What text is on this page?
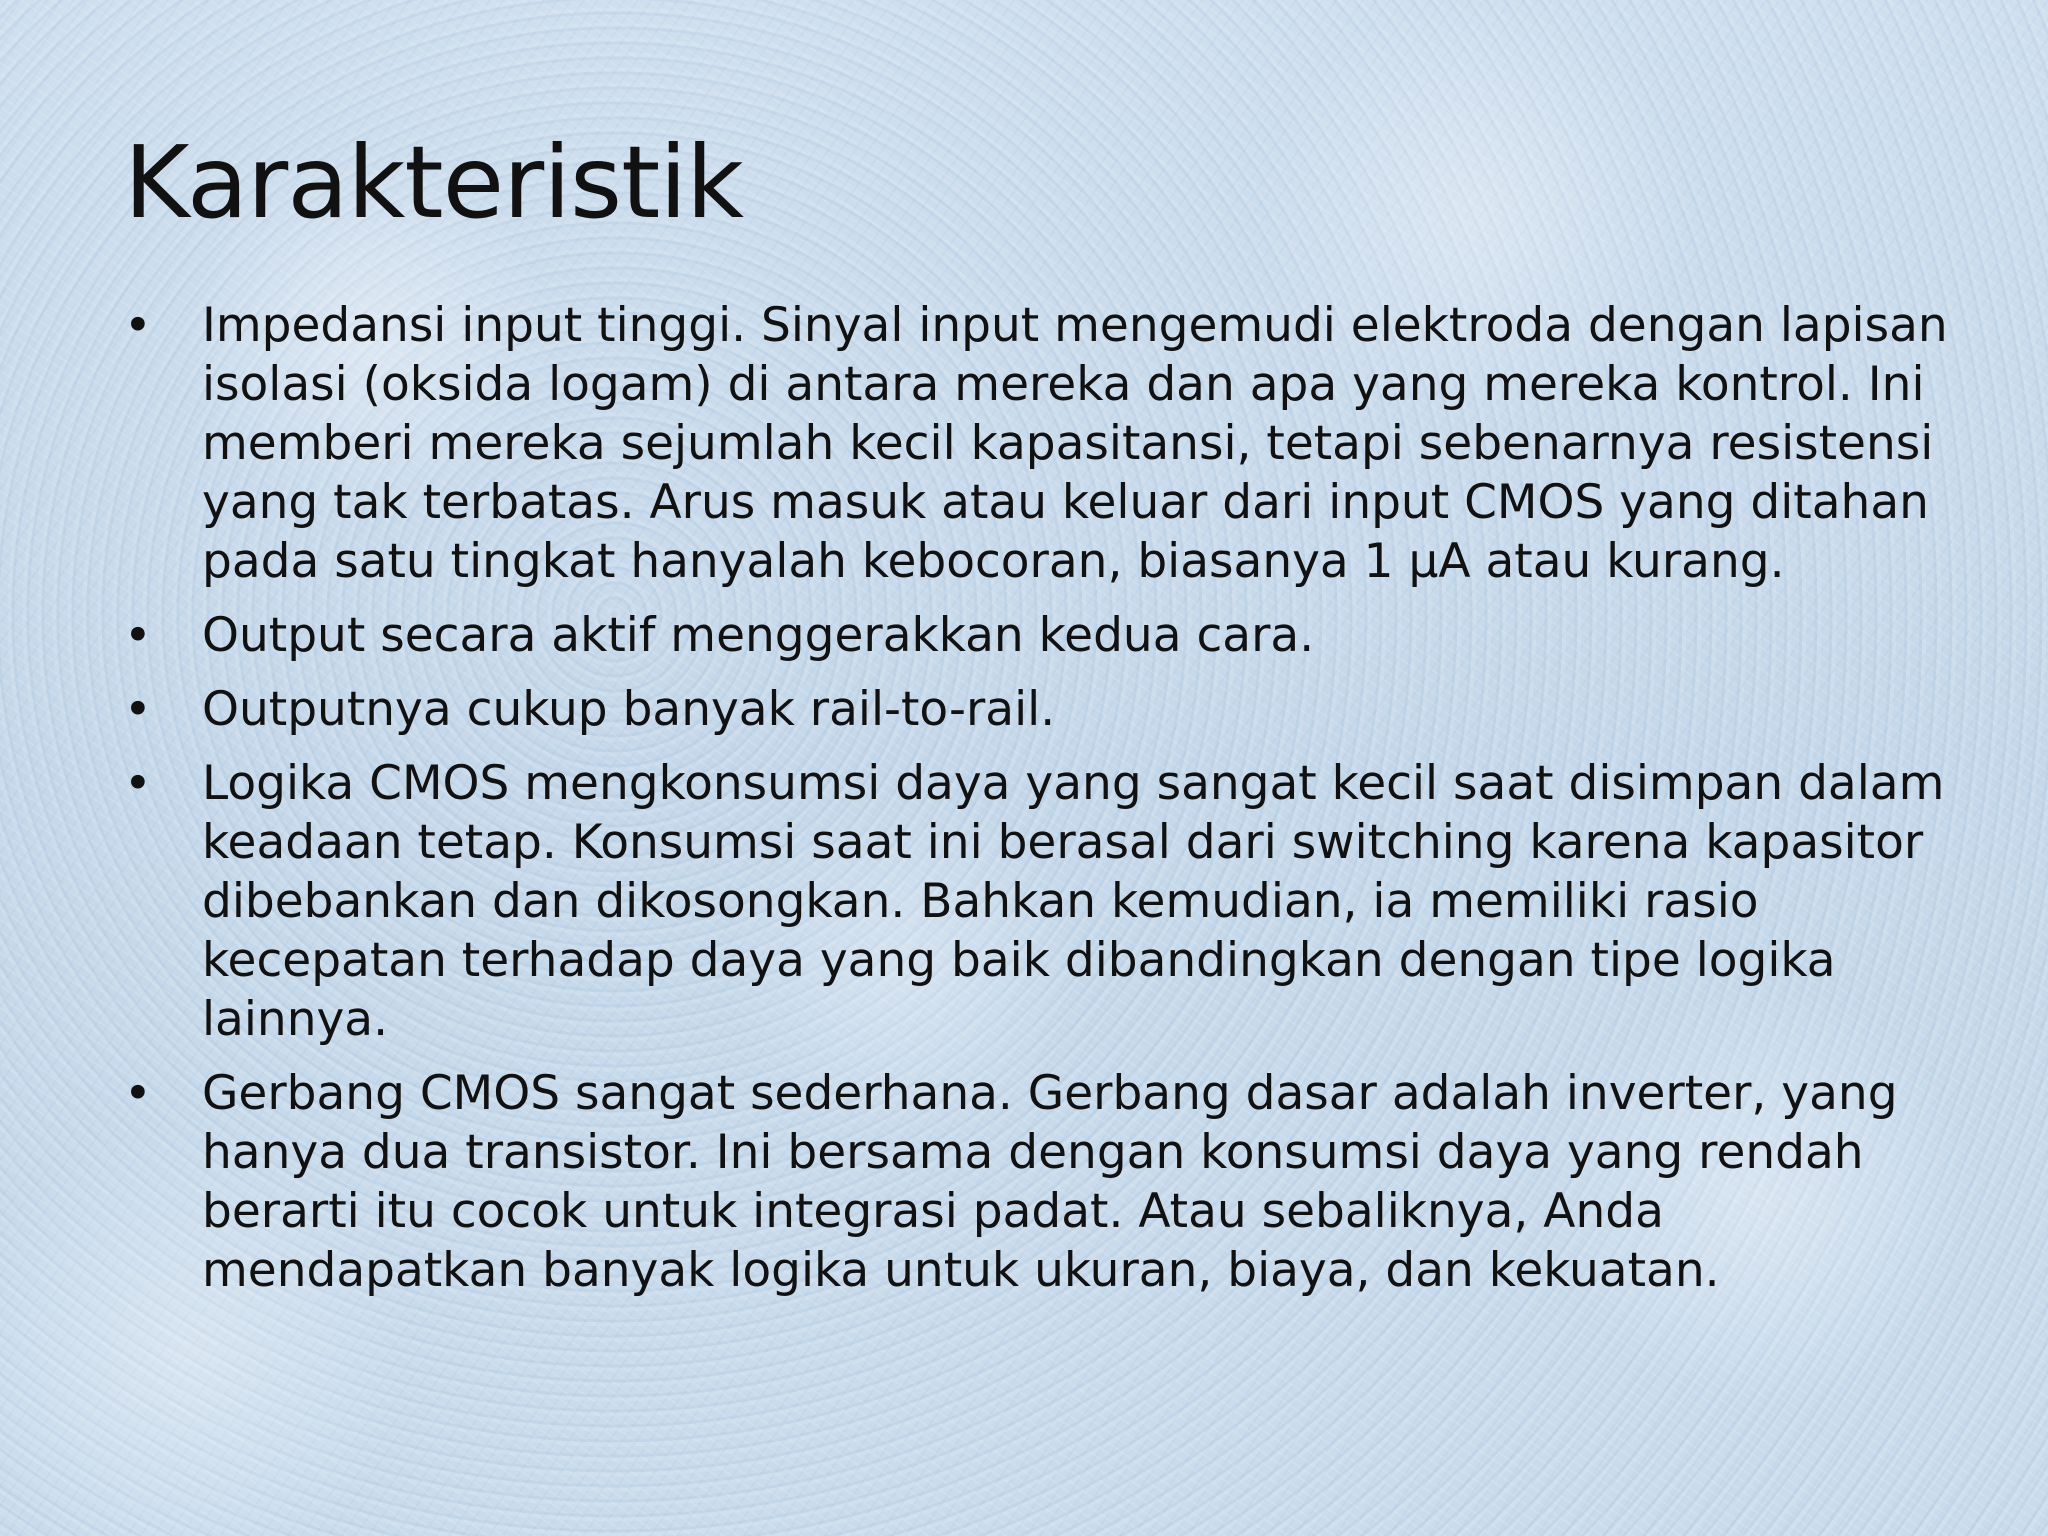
Karakteristik
• Impedansi input tinggi. Sinyal input mengemudi elektroda dengan lapisan isolasi (oksida logam) di antara mereka dan apa yang mereka kontrol. Ini memberi mereka sejumlah kecil kapasitansi, tetapi sebenarnya resistensi yang tak terbatas. Arus masuk atau keluar dari input CMOS yang ditahan pada satu tingkat hanyalah kebocoran, biasanya 1 μA atau kurang.
• Output secara aktif menggerakkan kedua cara.
• Outputnya cukup banyak rail-to-rail.
• Logika CMOS mengkonsumsi daya yang sangat kecil saat disimpan dalam keadaan tetap. Konsumsi saat ini berasal dari switching karena kapasitor dibebankan dan dikosongkan. Bahkan kemudian, ia memiliki rasio kecepatan terhadap daya yang baik dibandingkan dengan tipe logika lainnya.
• Gerbang CMOS sangat sederhana. Gerbang dasar adalah inverter, yang hanya dua transistor. Ini bersama dengan konsumsi daya yang rendah berarti itu cocok untuk integrasi padat. Atau sebaliknya, Anda mendapatkan banyak logika untuk ukuran, biaya, dan kekuatan.
